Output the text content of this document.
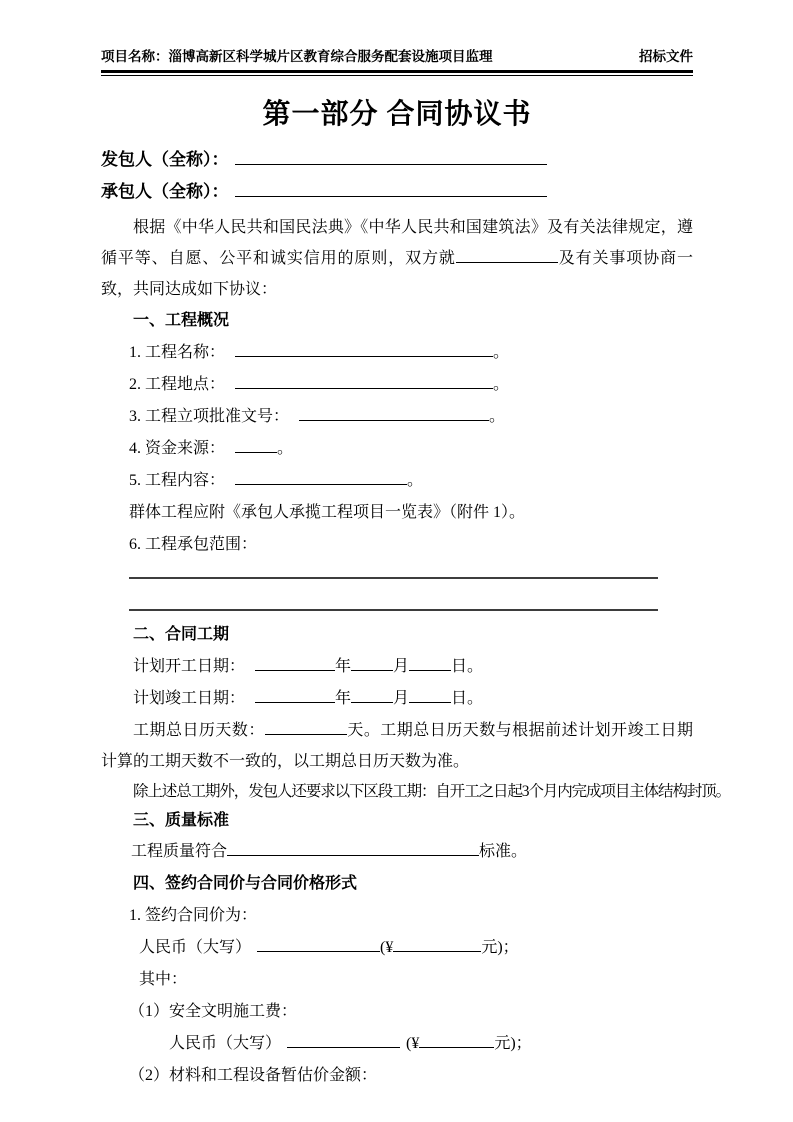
项目名称：淄博高新区科学城片区教育综合服务配套设施项目监理	招标文件
第一部分 合同协议书
发包人（全称）：
承包人（全称）：

根据《中华人民共和国民法典》《中华人民共和国建筑法》及有关法律规定，遵循平等、自愿、公平和诚实信用的原则，双方就	及有关事项协商一致，共同达成如下协议：

一、工程概况
1. 工程名称：	。
2. 工程地点：	。
3. 工程立项批准文号：	。
4. 资金来源：	。
5. 工程内容：	。
群体工程应附《承包人承揽工程项目一览表》（附件 1）。
6. 工程承包范围：
二、合同工期
计划开工日期：	年	月	日。
计划竣工日期：	年	月	日。

工期总日历天数：	天。工期总日历天数与根据前述计划开竣工日期计算的工期天数不一致的，以工期总日历天数为准。

除上述总工期外，发包人还要求以下区段工期：自开工之日起3个月内完成项目主体结构封顶。
三、质量标准
工程质量符合	标准。
四、签约合同价与合同价格形式
1. 签约合同价为：
人民币（大写）	(¥	元)；
其中：
（1）安全文明施工费：
人民币（大写）	(¥	元)；
（2）材料和工程设备暂估价金额：
